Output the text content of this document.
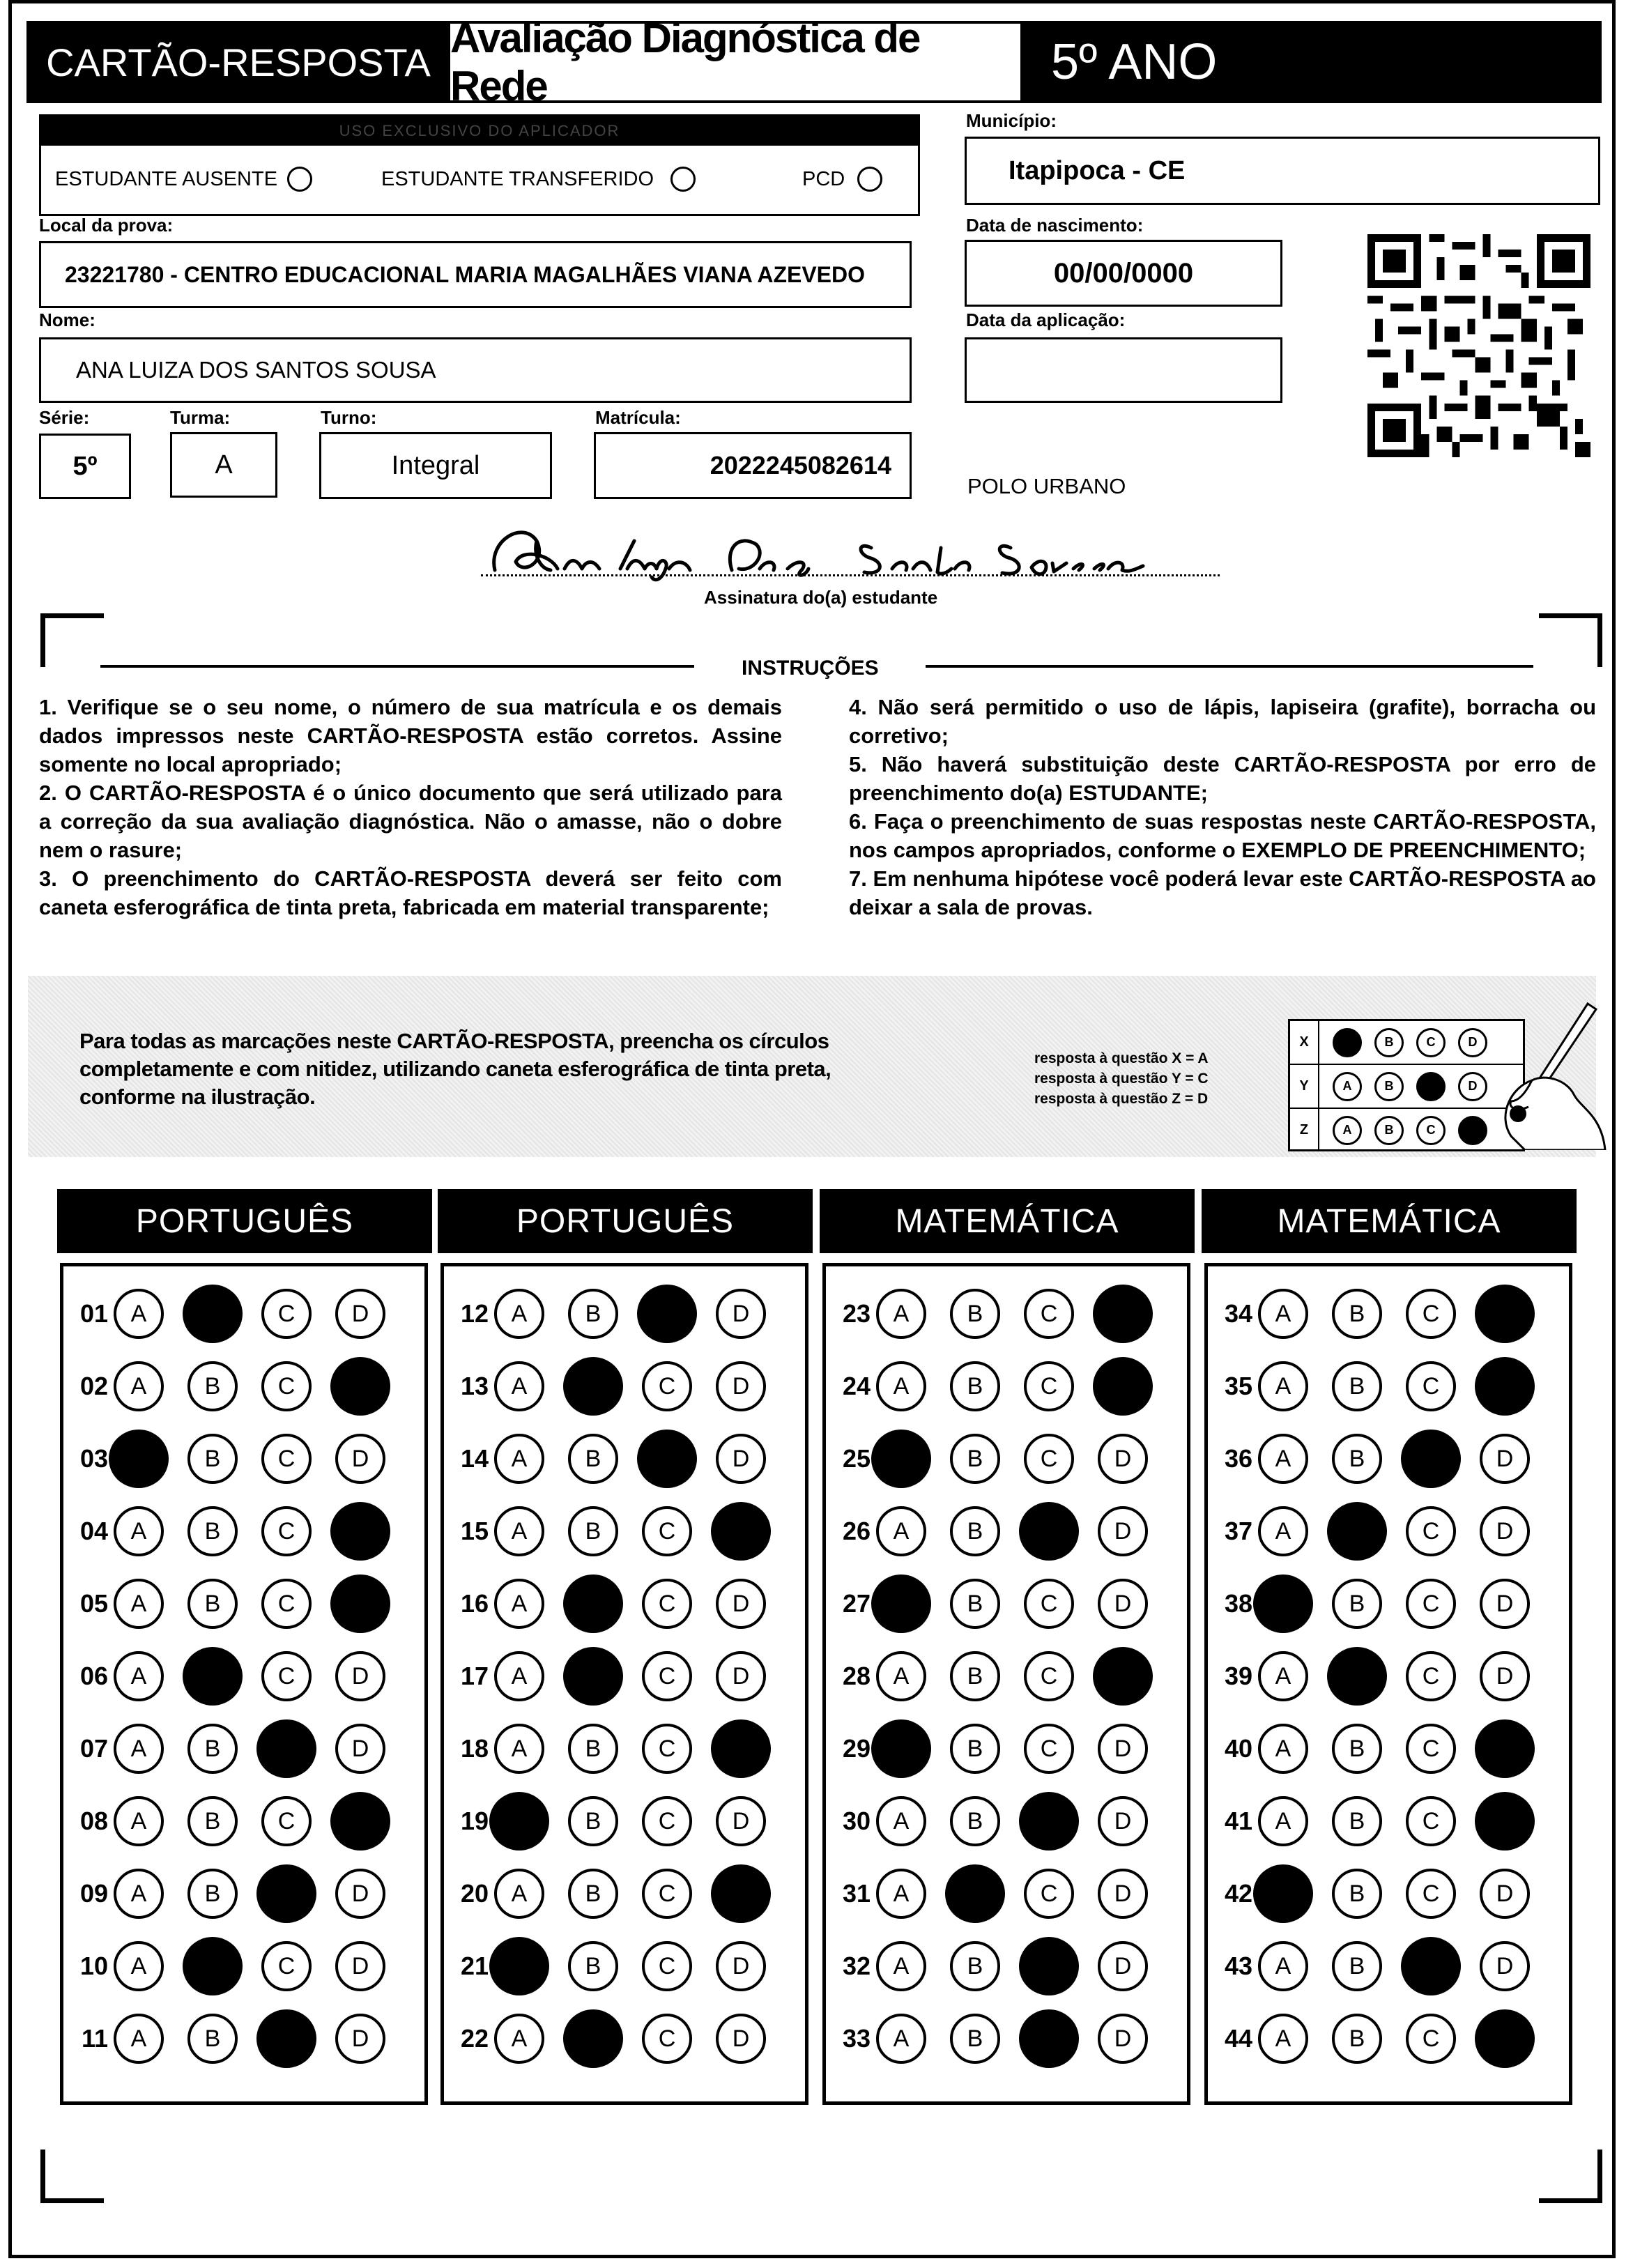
CARTÃO-RESPOSTA
Avaliação Diagnóstica de Rede	5º ANO
USO EXCLUSIVO DO APLICADOR
ESTUDANTE AUSENTE	ESTUDANTE TRANSFERIDO	PCD
Município:
Itapipoca - CE
Local da prova:
23221780 - CENTRO EDUCACIONAL MARIA MAGALHÃES VIANA AZEVEDO
Data de nascimento:
00/00/0000
Nome:
ANA LUIZA DOS SANTOS SOUSA
Data da aplicação:
Série:
5º
Turma:
A
Turno:
Integral
Matrícula:
2022245082614
POLO URBANO
Assinatura do(a) estudante
INSTRUÇÕES
1. Verifique se o seu nome, o número de sua matrícula e os demais dados impressos neste CARTÃO-RESPOSTA estão corretos. Assine somente no local apropriado;
2. O CARTÃO-RESPOSTA é o único documento que será utilizado para a correção da sua avaliação diagnóstica. Não o amasse, não o dobre nem o rasure;
3. O preenchimento do CARTÃO-RESPOSTA deverá ser feito com caneta esferográfica de tinta preta, fabricada em material transparente;
4. Não será permitido o uso de lápis, lapiseira (grafite), borracha ou corretivo;
5. Não haverá substituição deste CARTÃO-RESPOSTA por erro de preenchimento do(a) ESTUDANTE;
6. Faça o preenchimento de suas respostas neste CARTÃO-RESPOSTA, nos campos apropriados, conforme o EXEMPLO DE PREENCHIMENTO;
7. Em nenhuma hipótese você poderá levar este CARTÃO-RESPOSTA ao deixar a sala de provas.
Para todas as marcações neste CARTÃO-RESPOSTA, preencha os círculos completamente e com nitidez, utilizando caneta esferográfica de tinta preta, conforme na ilustração.
resposta à questão X = A
resposta à questão Y = C
resposta à questão Z = D
X	A	B	C	D
Y	A	B	C	D
Z	A	B	C	D
PORTUGUÊS
01 A	B	C	D
02 A	B	C	D
03 A	B	C	D
04 A	B	C	D
05 A	B	C	D
06 A	B	C	D
07 A	B	C	D
08 A	B	C	D
09 A	B	C	D
10 A	B	C	D
11 A	B	C	D
PORTUGUÊS
12 A	B	C	D
13 A	B	C	D
14 A	B	C	D
15 A	B	C	D
16 A	B	C	D
17 A	B	C	D
18 A	B	C	D
19 A	B	C	D
20 A	B	C	D
21 A	B	C	D
22 A	B	C	D
MATEMÁTICA
23 A	B	C	D
24 A	B	C	D
25 A	B	C	D
26 A	B	C	D
27 A	B	C	D
28 A	B	C	D
29 A	B	C	D
30 A	B	C	D
31 A	B	C	D
32 A	B	C	D
33 A	B	C	D
MATEMÁTICA
34 A	B	C	D
35 A	B	C	D
36 A	B	C	D
37 A	B	C	D
38 A	B	C	D
39 A	B	C	D
40 A	B	C	D
41 A	B	C	D
42 A	B	C	D
43 A	B	C	D
44 A	B	C	D
